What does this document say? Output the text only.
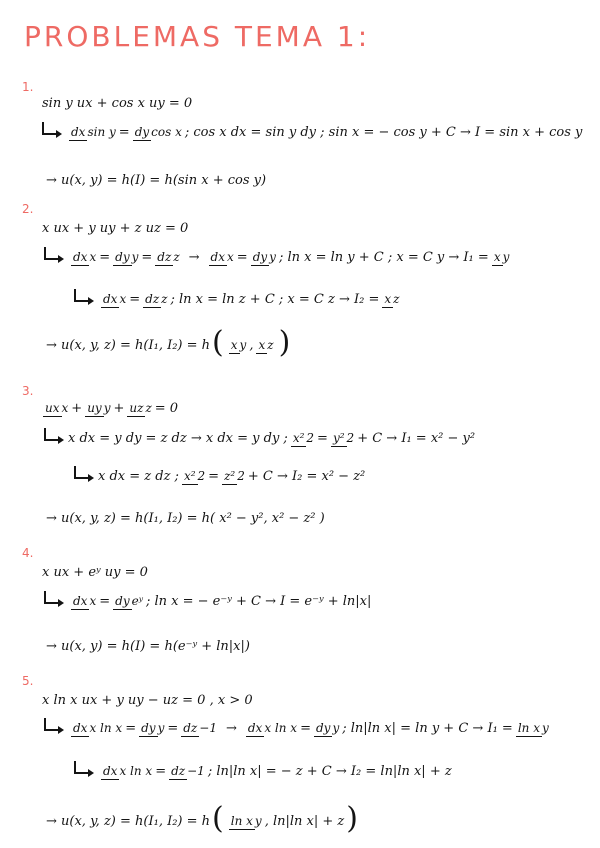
PROBLEMAS TEMA 1:
1.
sin y ux + cos x uy = 0
dx sin y = dy cos x ; cos x dx = sin y dy ; sin x = − cos y + C → I = sin x + cos y
→ u(x, y) = h(I) = h(sin x + cos y)
2.
x ux + y uy + z uz = 0
dx x = dy y = dz z → dx x = dy y ; ln x = ln y + C ; x = C y → I₁ = x y
dx x = dz z ; ln x = ln z + C ; x = C z → I₂ = x z
→ u(x, y, z) = h(I₁, I₂) = h ( x y , x z )
3.
ux x + uy y + uz z = 0
x dx = y dy = z dz → x dx = y dy ; x² 2 = y² 2 + C → I₁ = x² − y²
x dx = z dz ; x² 2 = z² 2 + C → I₂ = x² − z²
→ u(x, y, z) = h(I₁, I₂) = h( x² − y², x² − z² )
4.
x ux + eʸ uy = 0
dx x = dy eʸ ; ln x = − e⁻ʸ + C → I = e⁻ʸ + ln|x|
→ u(x, y) = h(I) = h(e⁻ʸ + ln|x|)
5.
x ln x ux + y uy − uz = 0 , x > 0
dx x ln x = dy y = dz −1 → dx x ln x = dy y ; ln|ln x| = ln y + C → I₁ = ln x y
dx x ln x = dz −1 ; ln|ln x| = − z + C → I₂ = ln|ln x| + z
→ u(x, y, z) = h(I₁, I₂) = h ( ln x y , ln|ln x| + z )
